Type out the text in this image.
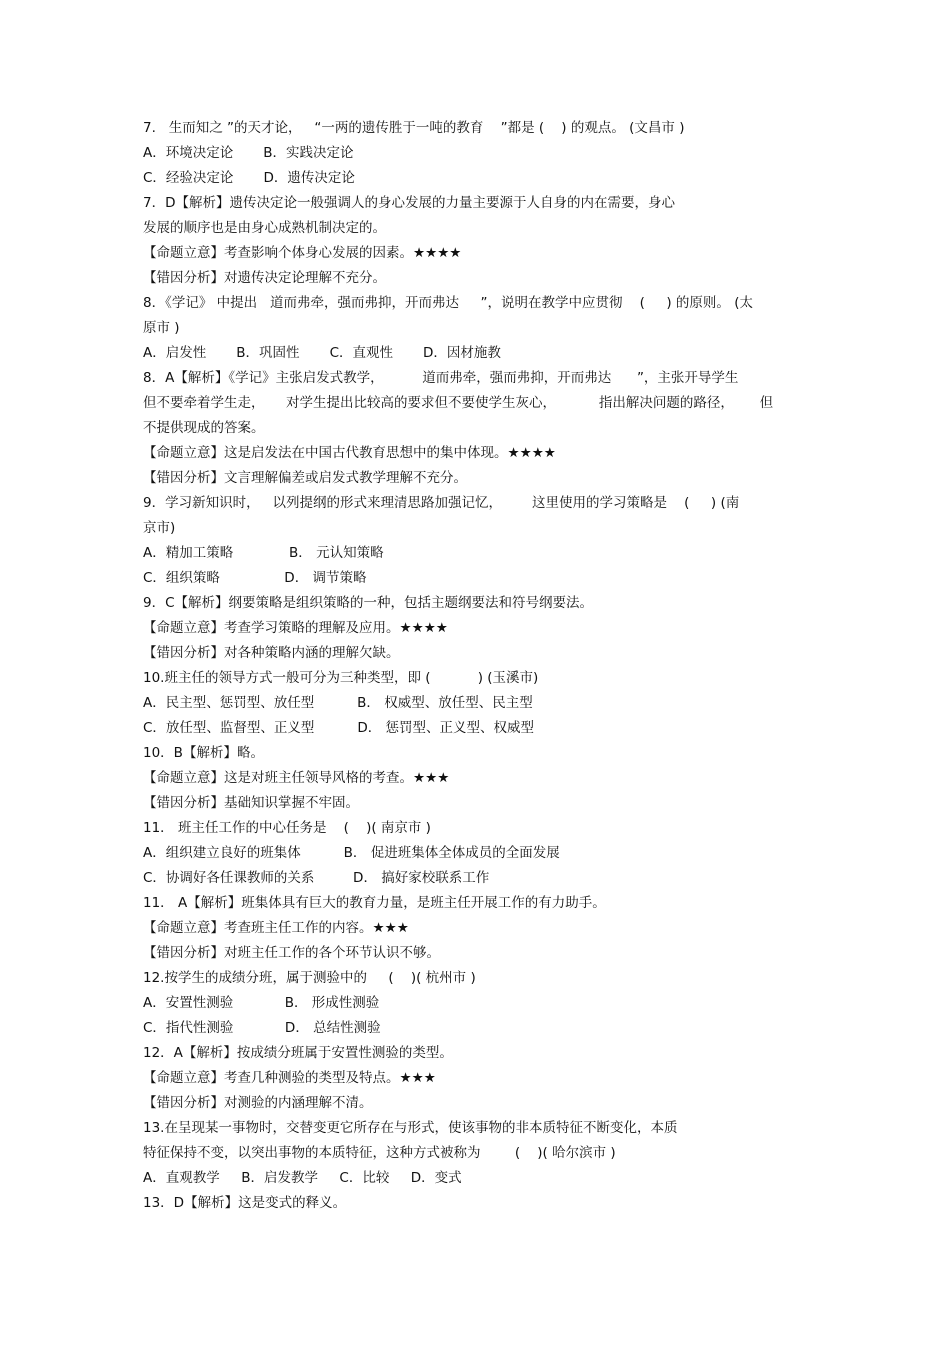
7.   生而知之 ”的天才论，   “一两的遗传胜于一吨的教育    ”都是 (    ) 的观点。 (文昌市 )
A．环境决定论       B．实践决定论
C．经验决定论       D．遗传决定论
7．D【解析】遗传决定论一般强调人的身心发展的力量主要源于人自身的内在需要，身心
发展的顺序也是由身心成熟机制决定的。
【命题立意】考查影响个体身心发展的因素。★★★★
【错因分析】对遗传决定论理解不充分。
8．《学记》 中提出   道而弗牵，强而弗抑，开而弗达     ”，说明在教学中应贯彻    (     ) 的原则。 (太
原市 )
A．启发性       B．巩固性       C．直观性       D．因材施教
8．A【解析】《学记》主张启发式教学，         道而弗牵，强而弗抑，开而弗达      ”，主张开导学生
但不要牵着学生走，     对学生提出比较高的要求但不要使学生灰心，          指出解决问题的路径，      但
不提供现成的答案。
【命题立意】这是启发法在中国古代教育思想中的集中体现。★★★★
【错因分析】文言理解偏差或启发式教学理解不充分。
9．学习新知识时，   以列提纲的形式来理清思路加强记忆，       这里使用的学习策略是    (     ) (南
京市)
A．精加工策略             B． 元认知策略
C．组织策略               D． 调节策略
9．C【解析】纲要策略是组织策略的一种，包括主题纲要法和符号纲要法。
【命题立意】考查学习策略的理解及应用。★★★★
【错因分析】对各种策略内涵的理解欠缺。
10.班主任的领导方式一般可分为三种类型，即 (           ) (玉溪市)
A．民主型、惩罚型、放任型          B． 权威型、放任型、民主型
C．放任型、监督型、正义型          D． 惩罚型、正义型、权威型
10．B【解析】略。
【命题立意】这是对班主任领导风格的考查。★★★
【错因分析】基础知识掌握不牢固。
11． 班主任工作的中心任务是    (    )( 南京市 )
A．组织建立良好的班集体          B． 促进班集体全体成员的全面发展
C．协调好各任课教师的关系         D． 搞好家校联系工作
11． A【解析】班集体具有巨大的教育力量，是班主任开展工作的有力助手。
【命题立意】考查班主任工作的内容。★★★
【错因分析】对班主任工作的各个环节认识不够。
12.按学生的成绩分班，属于测验中的     (    )( 杭州市 )
A．安置性测验            B． 形成性测验
C．指代性测验            D． 总结性测验
12．A【解析】按成绩分班属于安置性测验的类型。
【命题立意】考查几种测验的类型及特点。★★★
【错因分析】对测验的内涵理解不清。
13.在呈现某一事物时，交替变更它所存在与形式，使该事物的非本质特征不断变化，本质
特征保持不变，以突出事物的本质特征，这种方式被称为        (    )( 哈尔滨市 )
A．直观教学     B．启发教学     C．比较     D．变式
13．D【解析】这是变式的释义。
